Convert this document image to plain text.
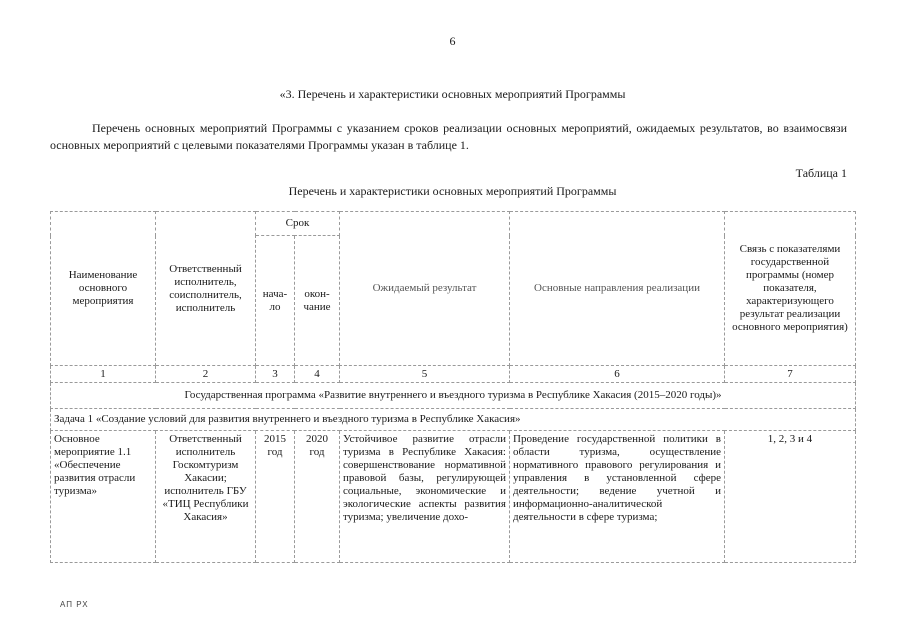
6
«3. Перечень и характеристики основных мероприятий Программы
Перечень основных мероприятий Программы с указанием сроков реализации основных мероприятий, ожидаемых результатов, во взаимосвязи основных мероприятий с целевыми показателями Программы указан в таблице 1.
Таблица 1
Перечень и характеристики основных мероприятий Программы
Наименование основного мероприятия	Ответственный исполнитель, соисполнитель, исполнитель	Срок		Ожидаемый результат	Основные направления реализации	Связь с показателями государственной программы (номер показателя, характеризующего результат реализации основного мероприятия)
		нача-ло	окон-чание			
1	2	3	4	5	6	7
Государственная программа «Развитие внутреннего и въездного туризма в Республике Хакасия (2015–2020 годы)»						
Задача 1 «Создание условий для развития внутреннего и въездного туризма в Республике Хакасия»						
Основное мероприятие 1.1 «Обеспечение развития отрасли туризма»	Ответственный исполнитель Госкомтуризм Хакасии; исполнитель ГБУ «ТИЦ Республики Хакасия»	2015 год	2020 год	Устойчивое развитие отрасли туризма в Республике Хакасия: совершенствование нормативной правовой базы, регулирующей социальные, экономические и экологические аспекты развития туризма; увеличение дохо-	Проведение государственной политики в области туризма, осуществление нормативного правового регулирования и управления в установленной сфере деятельности; ведение учетной и информационно-аналитической деятельности в сфере туризма;	1, 2, 3 и 4
АП РХ
